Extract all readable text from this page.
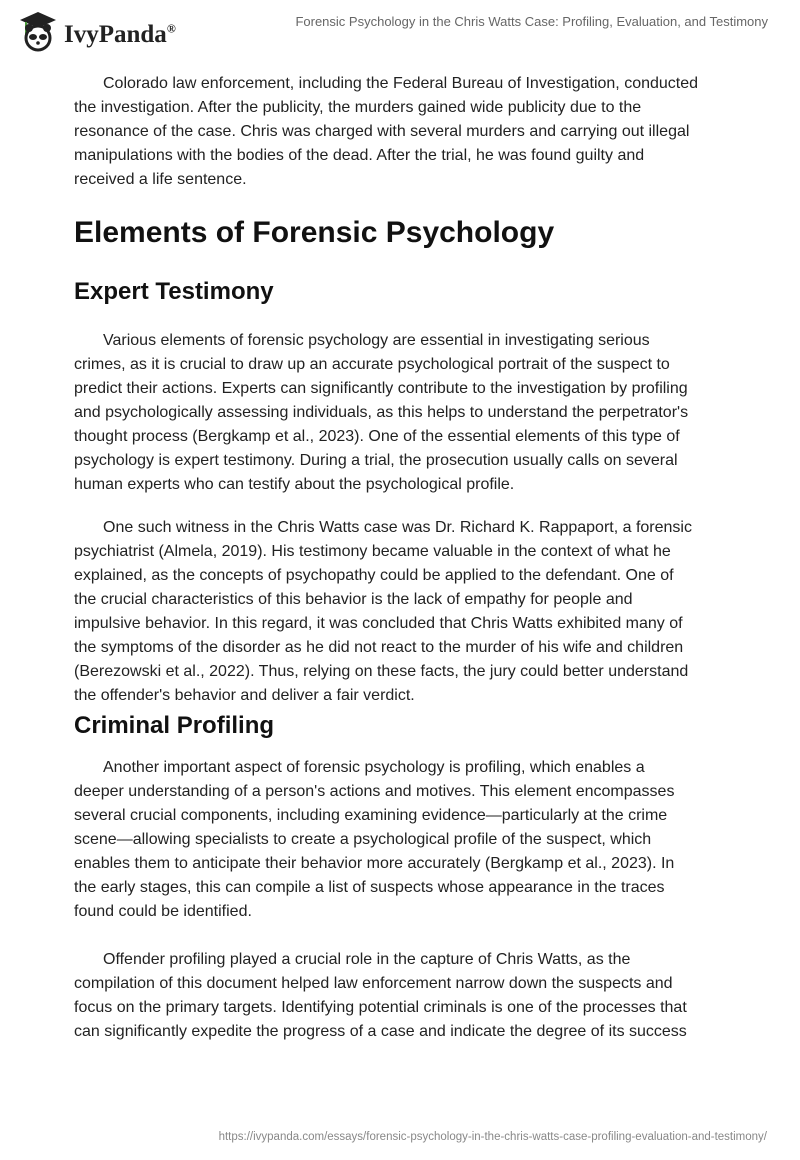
IvyPanda®	Forensic Psychology in the Chris Watts Case: Profiling, Evaluation, and Testimony
Colorado law enforcement, including the Federal Bureau of Investigation, conducted
the investigation. After the publicity, the murders gained wide publicity due to the
resonance of the case. Chris was charged with several murders and carrying out illegal
manipulations with the bodies of the dead. After the trial, he was found guilty and
received a life sentence.
Elements of Forensic Psychology
Expert Testimony
Various elements of forensic psychology are essential in investigating serious
crimes, as it is crucial to draw up an accurate psychological portrait of the suspect to
predict their actions. Experts can significantly contribute to the investigation by profiling
and psychologically assessing individuals, as this helps to understand the perpetrator's
thought process (Bergkamp et al., 2023). One of the essential elements of this type of
psychology is expert testimony. During a trial, the prosecution usually calls on several
human experts who can testify about the psychological profile.
One such witness in the Chris Watts case was Dr. Richard K. Rappaport, a forensic
psychiatrist (Almela, 2019). His testimony became valuable in the context of what he
explained, as the concepts of psychopathy could be applied to the defendant. One of
the crucial characteristics of this behavior is the lack of empathy for people and
impulsive behavior. In this regard, it was concluded that Chris Watts exhibited many of
the symptoms of the disorder as he did not react to the murder of his wife and children
(Berezowski et al., 2022). Thus, relying on these facts, the jury could better understand
the offender's behavior and deliver a fair verdict.
Criminal Profiling
Another important aspect of forensic psychology is profiling, which enables a
deeper understanding of a person's actions and motives. This element encompasses
several crucial components, including examining evidence—particularly at the crime
scene—allowing specialists to create a psychological profile of the suspect, which
enables them to anticipate their behavior more accurately (Bergkamp et al., 2023). In
the early stages, this can compile a list of suspects whose appearance in the traces
found could be identified.
Offender profiling played a crucial role in the capture of Chris Watts, as the
compilation of this document helped law enforcement narrow down the suspects and
focus on the primary targets. Identifying potential criminals is one of the processes that
can significantly expedite the progress of a case and indicate the degree of its success
https://ivypanda.com/essays/forensic-psychology-in-the-chris-watts-case-profiling-evaluation-and-testimony/
